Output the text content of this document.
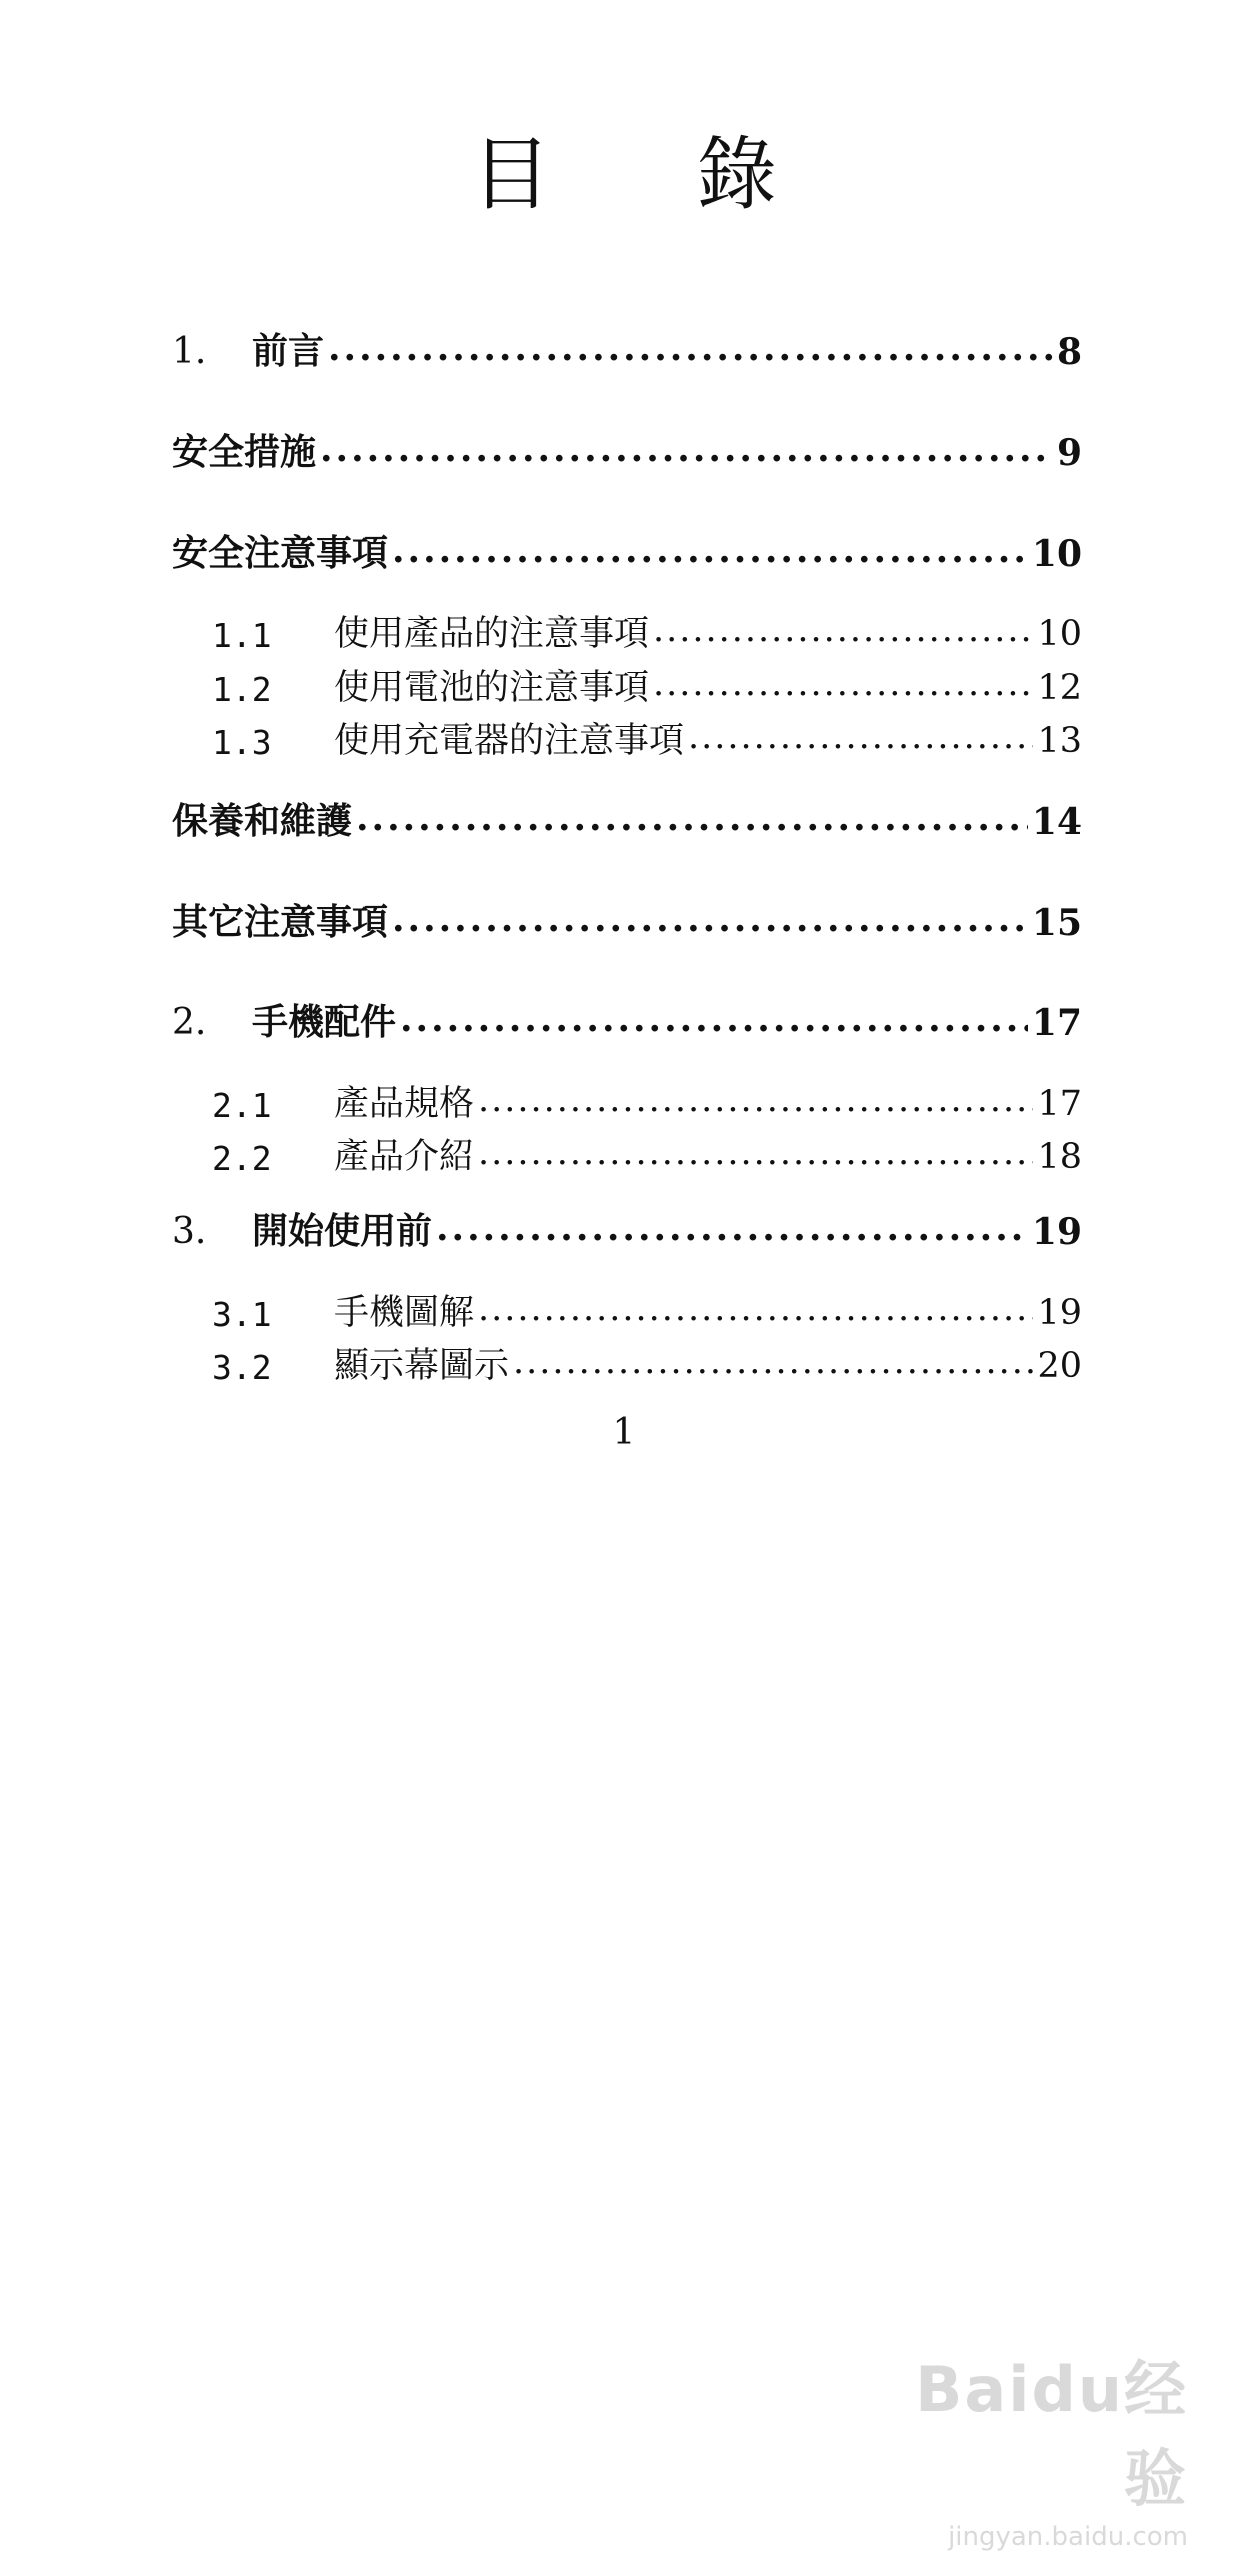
目 錄
1.	前言 .....	8
安全措施 .....	9
安全注意事項 .....	10
1.1	使用產品的注意事項 .....	10
1.2	使用電池的注意事項 .....	12
1.3	使用充電器的注意事項 .....	13
保養和維護 .....	14
其它注意事項 .....	15
2.	手機配件 .....	17
2.1	產品規格 .....	17
2.2	產品介紹 .....	18
3.	開始使用前 .....	19
3.1	手機圖解 .....	19
3.2	顯示幕圖示 .....	20
1
Baidu经验
jingyan.baidu.com
